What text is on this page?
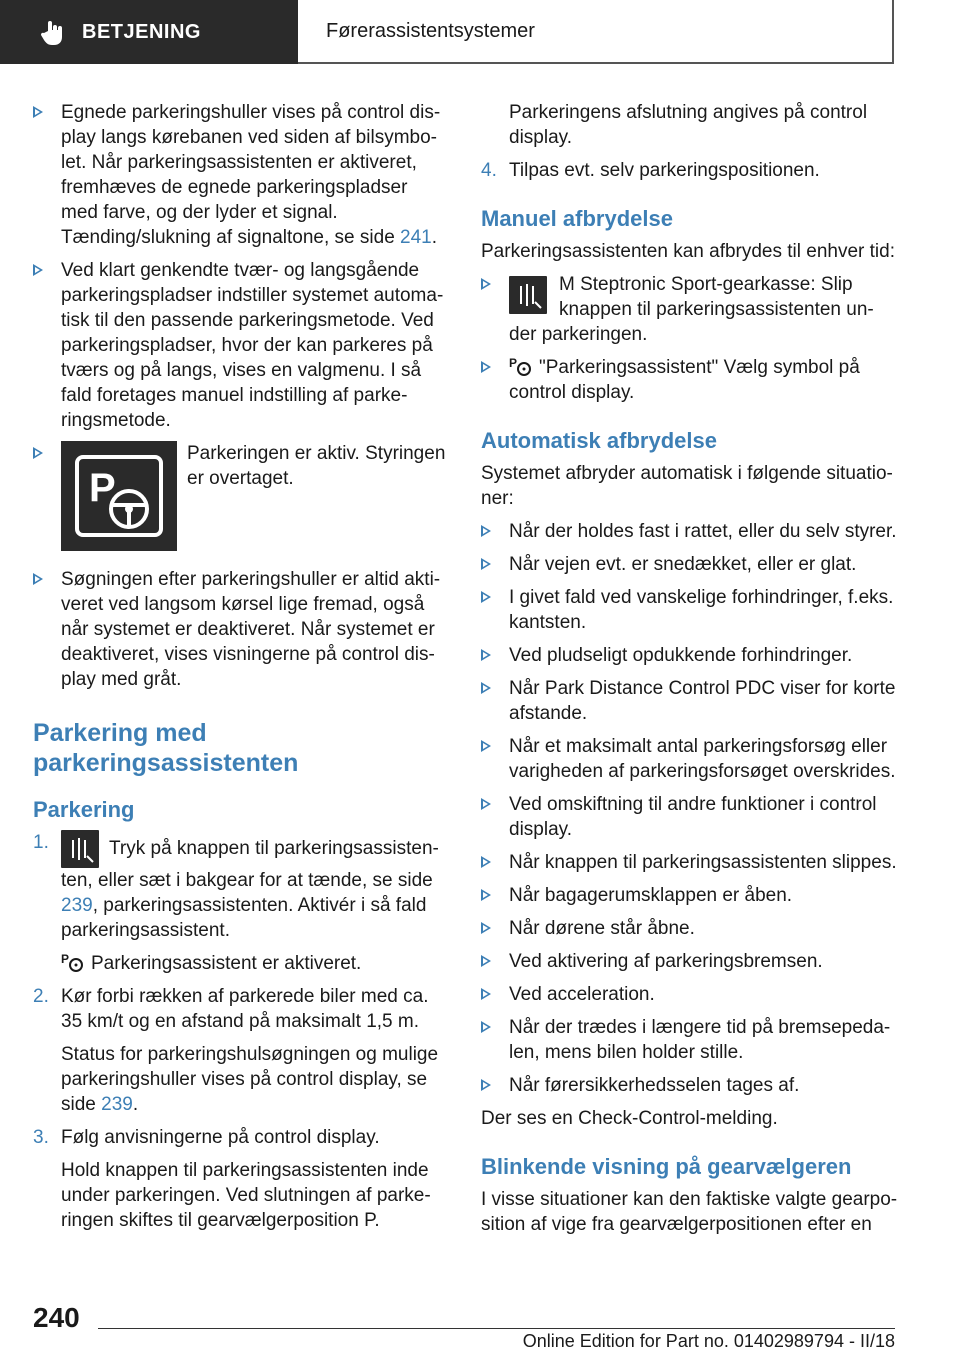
BETJENING	Førerassistentsystemer
Egnede parkeringshuller vises på control dis-play langs kørebanen ved siden af bilsymbo-let. Når parkeringsassistenten er aktiveret, fremhæves de egnede parkeringspladser med farve, og der lyder et signal. Tænding/slukning af signaltone, se side 241.
Ved klart genkendte tvær- og langsgående parkeringspladser indstiller systemet automa-tisk til den passende parkeringsmetode. Ved parkeringspladser, hvor der kan parkeres på tværs og på langs, vises en valgmenu. I så fald foretages manuel indstilling af parke-ringsmetode.
P
Parkeringen er aktiv. Styringen er overtaget.
Søgningen efter parkeringshuller er altid akti-veret ved langsom kørsel lige fremad, også når systemet er deaktiveret. Når systemet er deaktiveret, vises visningerne på control dis-play med gråt.
Parkering med parkeringsassistenten
Parkering
1.	Tryk på knappen til parkeringsassisten-ten, eller sæt i bakgear for at tænde, se side 239, parkeringsassistenten. Aktivér i så fald parkeringsassistent.
P Parkeringsassistent er aktiveret.
2. Kør forbi rækken af parkerede biler med ca. 35 km/t og en afstand på maksimalt 1,5 m.
Status for parkeringshulsøgningen og mulige parkeringshuller vises på control display, se side 239.
3. Følg anvisningerne på control display.
Hold knappen til parkeringsassistenten inde under parkeringen. Ved slutningen af parke-ringen skiftes til gearvælgerposition P.
Parkeringens afslutning angives på control display.
4. Tilpas evt. selv parkeringspositionen.
Manuel afbrydelse

Parkeringsassistenten kan afbrydes til enhver tid:

M Steptronic Sport-gearkasse: Slip knappen til parkeringsassistenten un-der parkeringen.
P "Parkeringsassistent" Vælg symbol på control display.
Automatisk afbrydelse

Systemet afbryder automatisk i følgende situatio-ner:

Når der holdes fast i rattet, eller du selv styrer.
Når vejen evt. er snedækket, eller er glat.
I givet fald ved vanskelige forhindringer, f.eks. kantsten.
Ved pludseligt opdukkende forhindringer.
Når Park Distance Control PDC viser for korte afstande.
Når et maksimalt antal parkeringsforsøg eller varigheden af parkeringsforsøget overskrides.
Ved omskiftning til andre funktioner i control display.
Når knappen til parkeringsassistenten slippes.
Når bagagerumsklappen er åben.
Når dørene står åbne.
Ved aktivering af parkeringsbremsen.
Ved acceleration.
Når der trædes i længere tid på bremsepeda-len, mens bilen holder stille.
Når førersikkerhedsselen tages af.

Der ses en Check-Control-melding.

Blinkende visning på gearvælgeren

I visse situationer kan den faktiske valgte gearpo-sition af vige fra gearvælgerpositionen efter en

240
Online Edition for Part no. 01402989794 - II/18
